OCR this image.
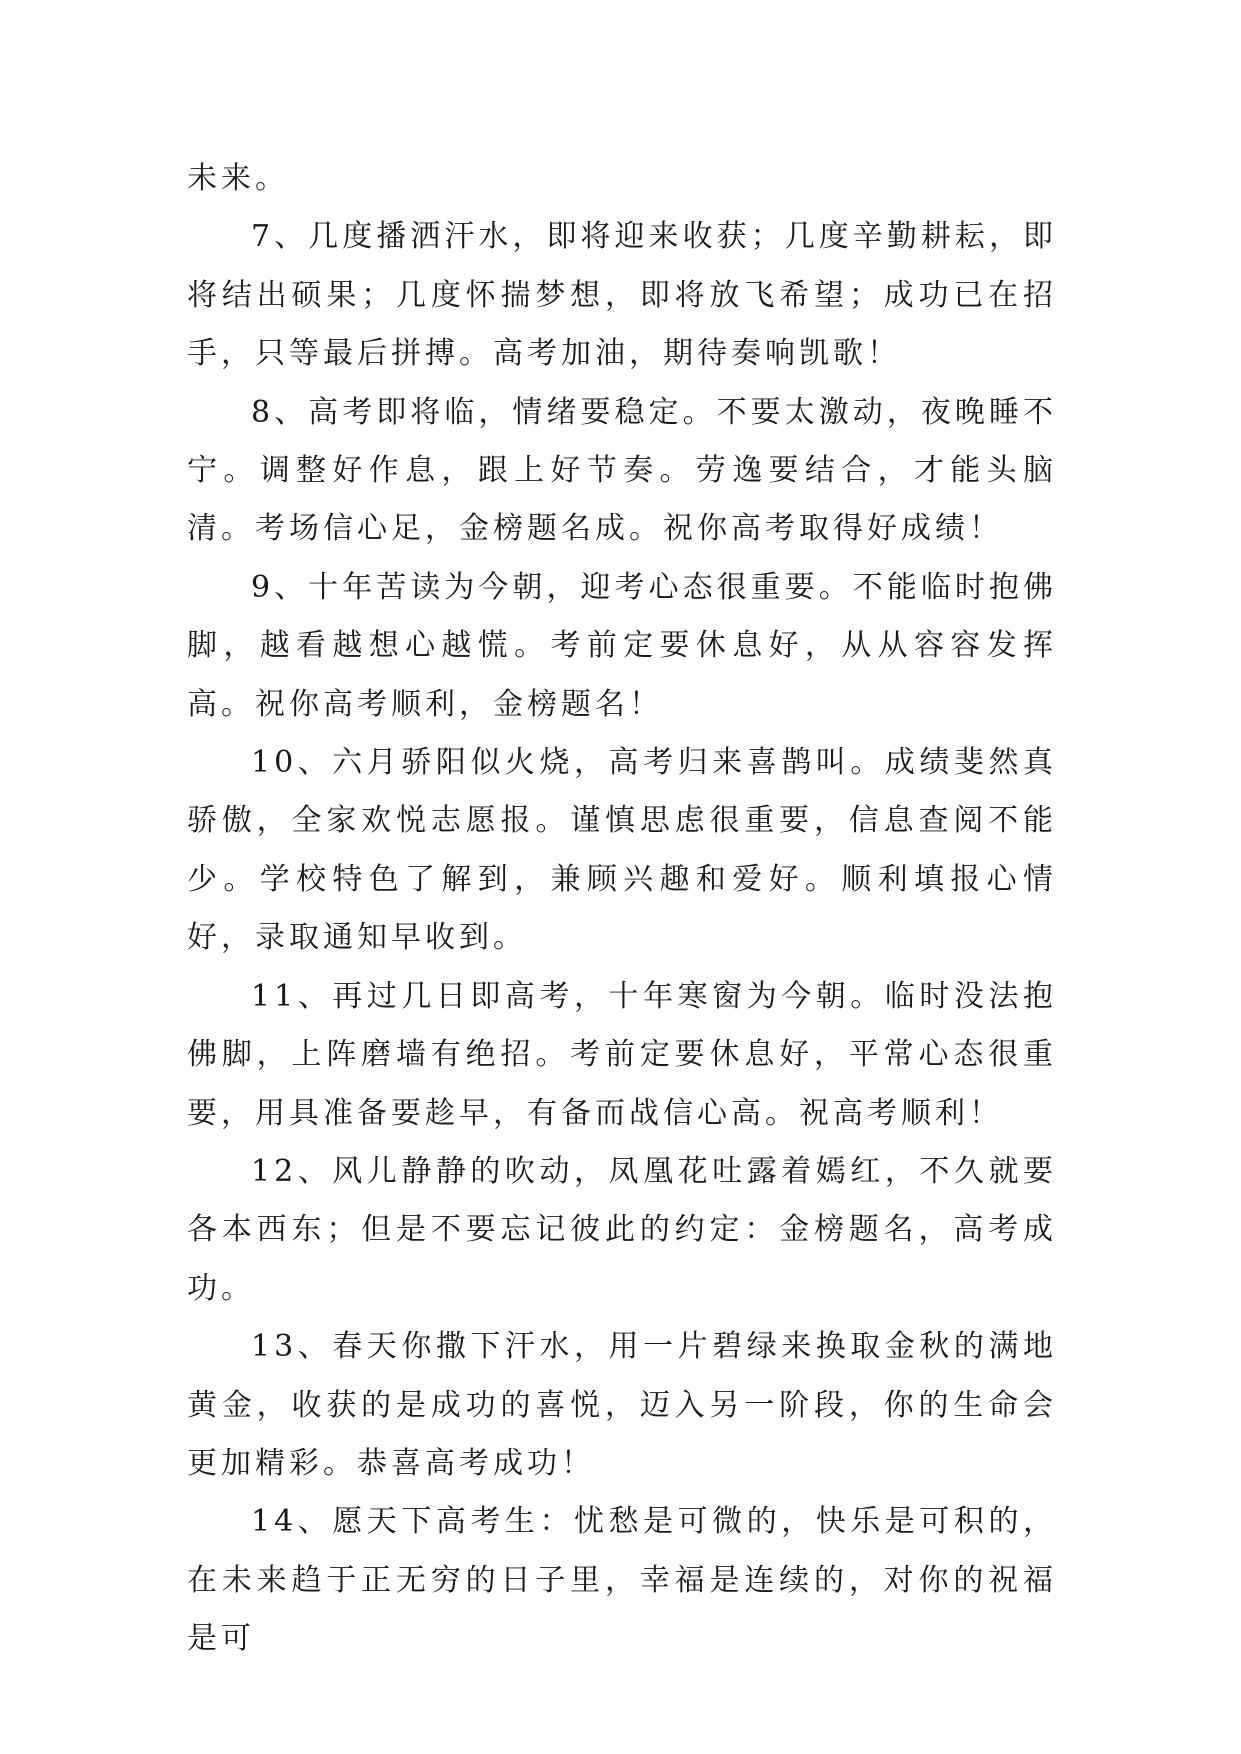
未来。

7、几度播洒汗水，即将迎来收获；几度辛勤耕耘，即将结出硕果；几度怀揣梦想，即将放飞希望；成功已在招手，只等最后拼搏。高考加油，期待奏响凯歌！

8、高考即将临，情绪要稳定。不要太激动，夜晚睡不宁。调整好作息，跟上好节奏。劳逸要结合，才能头脑清。考场信心足，金榜题名成。祝你高考取得好成绩！

9、十年苦读为今朝，迎考心态很重要。不能临时抱佛脚，越看越想心越慌。考前定要休息好，从从容容发挥高。祝你高考顺利，金榜题名！

10、六月骄阳似火烧，高考归来喜鹊叫。成绩斐然真骄傲，全家欢悦志愿报。谨慎思虑很重要，信息查阅不能少。学校特色了解到，兼顾兴趣和爱好。顺利填报心情好，录取通知早收到。

11、再过几日即高考，十年寒窗为今朝。临时没法抱佛脚，上阵磨墙有绝招。考前定要休息好，平常心态很重要，用具准备要趁早，有备而战信心高。祝高考顺利！

12、风儿静静的吹动，凤凰花吐露着嫣红，不久就要各本西东；但是不要忘记彼此的约定：金榜题名，高考成功。

13、春天你撒下汗水，用一片碧绿来换取金秋的满地黄金，收获的是成功的喜悦，迈入另一阶段，你的生命会更加精彩。恭喜高考成功！

14、愿天下高考生：忧愁是可微的，快乐是可积的，在未来趋于正无穷的日子里，幸福是连续的，对你的祝福是可
